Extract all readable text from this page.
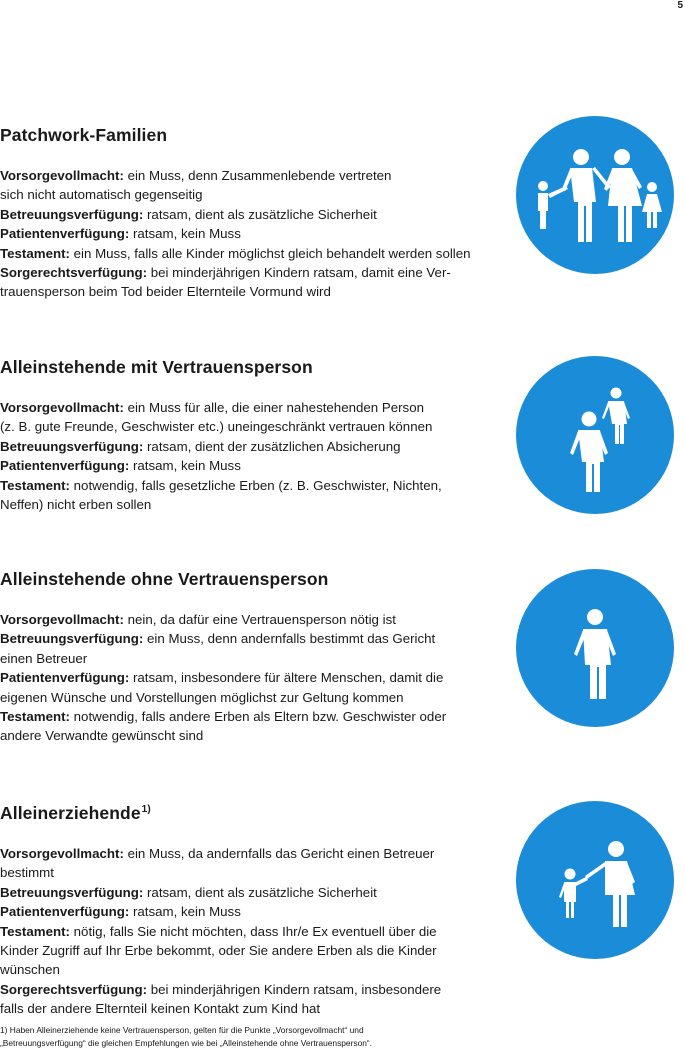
5
Patchwork-Familien

Vorsorgevollmacht: ein Muss, denn Zusammenlebende vertreten

sich nicht automatisch gegenseitig

Betreuungsverfügung: ratsam, dient als zusätzliche Sicherheit

Patientenverfügung: ratsam, kein Muss

Testament: ein Muss, falls alle Kinder möglichst gleich behandelt werden sollen

Sorgerechtsverfügung: bei minderjährigen Kindern ratsam, damit eine Ver-

trauensperson beim Tod beider Elternteile Vormund wird

Alleinstehende mit Vertrauensperson

Vorsorgevollmacht: ein Muss für alle, die einer nahestehenden Person

(z. B. gute Freunde, Geschwister etc.) uneingeschränkt vertrauen können

Betreuungsverfügung: ratsam, dient der zusätzlichen Absicherung

Patientenverfügung: ratsam, kein Muss

Testament: notwendig, falls gesetzliche Erben (z. B. Geschwister, Nichten,

Neffen) nicht erben sollen

Alleinstehende ohne Vertrauensperson

Vorsorgevollmacht: nein, da dafür eine Vertrauensperson nötig ist

Betreuungsverfügung: ein Muss, denn andernfalls bestimmt das Gericht

einen Betreuer

Patientenverfügung: ratsam, insbesondere für ältere Menschen, damit die

eigenen Wünsche und Vorstellungen möglichst zur Geltung kommen

Testament: notwendig, falls andere Erben als Eltern bzw. Geschwister oder

andere Verwandte gewünscht sind

Alleinerziehende$^{1)}$

Vorsorgevollmacht: ein Muss, da andernfalls das Gericht einen Betreuer

bestimmt

Betreuungsverfügung: ratsam, dient als zusätzliche Sicherheit

Patientenverfügung: ratsam, kein Muss

Testament: nötig, falls Sie nicht möchten, dass Ihr/e Ex eventuell über die

Kinder Zugriff auf Ihr Erbe bekommt, oder Sie andere Erben als die Kinder

wünschen

Sorgerechtsverfügung: bei minderjährigen Kindern ratsam, insbesondere

falls der andere Elternteil keinen Kontakt zum Kind hat

1) Haben Alleinerziehende keine Vertrauensperson, gelten für die Punkte „Vorsorgevollmacht“ und
„Betreuungsverfügung“ die gleichen Empfehlungen wie bei „Alleinstehende ohne Vertrauensperson“.
